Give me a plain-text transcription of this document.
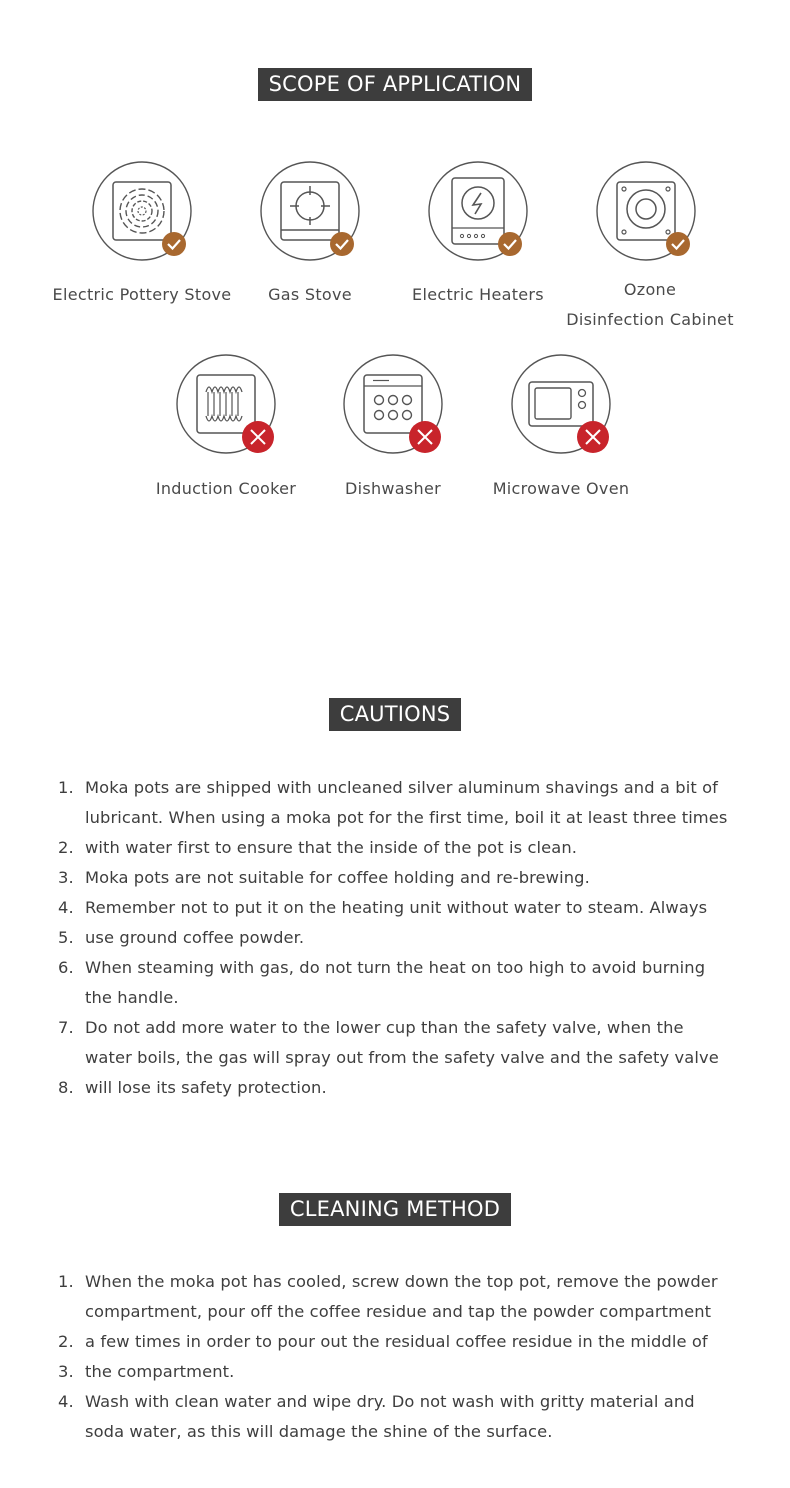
SCOPE OF APPLICATION
Electric Pottery Stove	Gas Stove	Electric Heaters	Ozone
Disinfection Cabinet
Induction Cooker	Dishwasher	Microwave Oven
CAUTIONS
1. Moka pots are shipped with uncleaned silver aluminum shavings and a bit of
lubricant. When using a moka pot for the first time, boil it at least three times
2. with water first to ensure that the inside of the pot is clean.
3. Moka pots are not suitable for coffee holding and re-brewing.
4. Remember not to put it on the heating unit without water to steam. Always
5. use ground coffee powder.
6. When steaming with gas, do not turn the heat on too high to avoid burning
the handle.
7. Do not add more water to the lower cup than the safety valve, when the
water boils, the gas will spray out from the safety valve and the safety valve
8. will lose its safety protection.
CLEANING METHOD
1. When the moka pot has cooled, screw down the top pot, remove the powder
compartment, pour off the coffee residue and tap the powder compartment
2. a few times in order to pour out the residual coffee residue in the middle of
3. the compartment.
4. Wash with clean water and wipe dry. Do not wash with gritty material and
soda water, as this will damage the shine of the surface.
